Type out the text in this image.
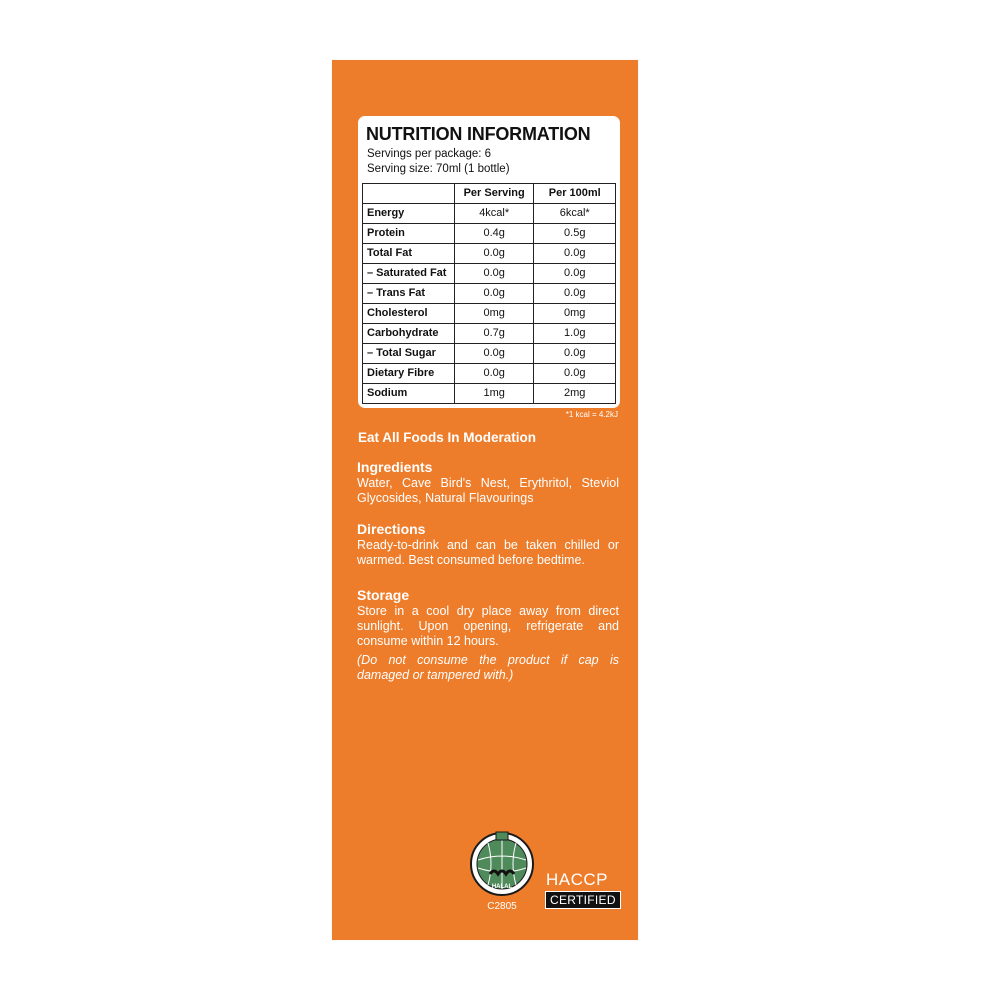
NUTRITION INFORMATION
Servings per package: 6
Serving size: 70ml (1 bottle)
	Per Serving	Per 100ml
Energy	4kcal*	6kcal*
Protein	0.4g	0.5g
Total Fat	0.0g	0.0g
– Saturated Fat	0.0g	0.0g
– Trans Fat	0.0g	0.0g
Cholesterol	0mg	0mg
Carbohydrate	0.7g	1.0g
– Total Sugar	0.0g	0.0g
Dietary Fibre	0.0g	0.0g
Sodium	1mg	2mg
*1 kcal = 4.2kJ
Eat All Foods In Moderation
Ingredients
Water, Cave Bird's Nest, Erythritol, Steviol Glycosides, Natural Flavourings
Directions
Ready-to-drink and can be taken chilled or warmed. Best consumed before bedtime.
Storage
Store in a cool dry place away from direct sunlight. Upon opening, refrigerate and consume within 12 hours.
(Do not consume the product if cap is damaged or tampered with.)
HALAL
C2805
HACCP
CERTIFIED
